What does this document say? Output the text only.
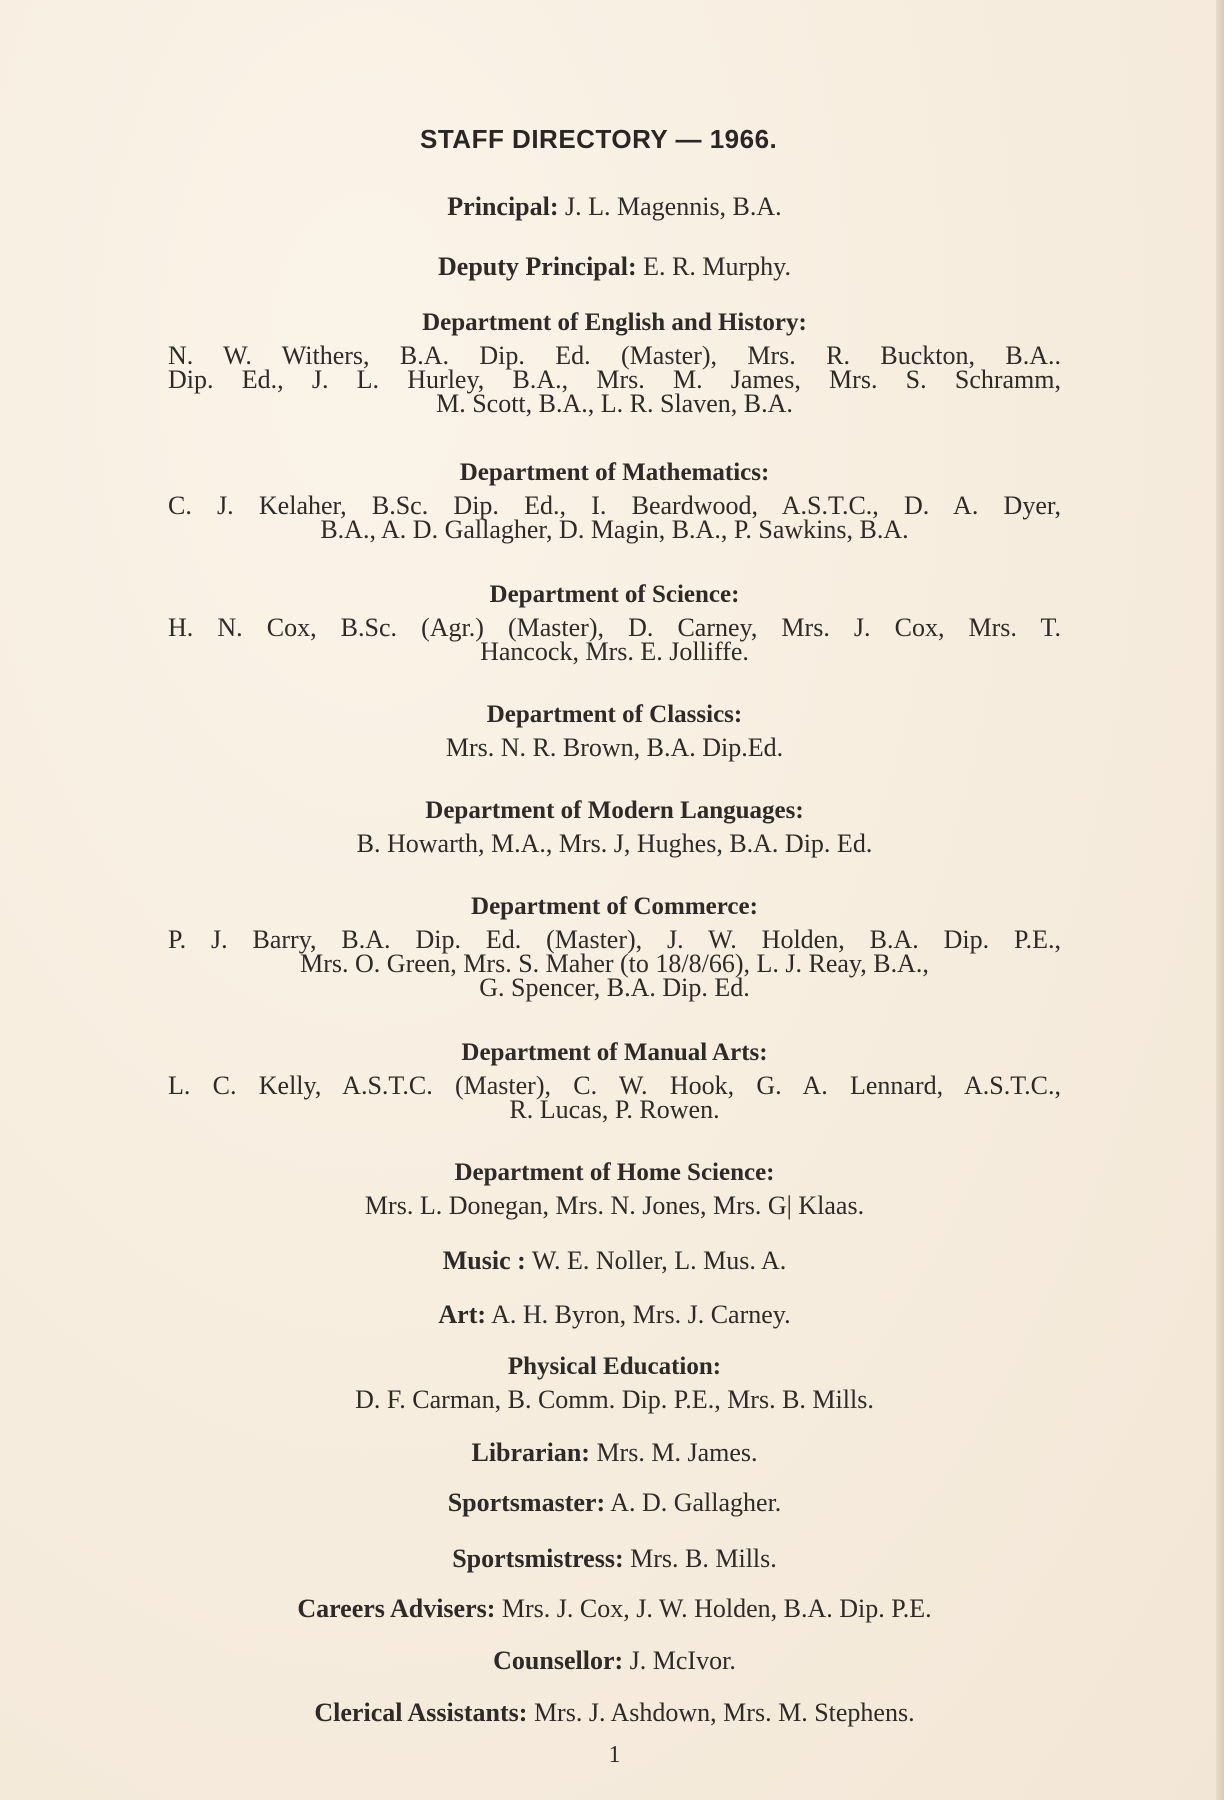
STAFF DIRECTORY — 1966.
Principal: J. L. Magennis, B.A.
Deputy Principal: E. R. Murphy.
Department of English and History:
N. W. Withers, B.A. Dip. Ed. (Master), Mrs. R. Buckton, B.A..
Dip. Ed., J. L. Hurley, B.A., Mrs. M. James, Mrs. S. Schramm,
M. Scott, B.A., L. R. Slaven, B.A.
Department of Mathematics:
C. J. Kelaher, B.Sc. Dip. Ed., I. Beardwood, A.S.T.C., D. A. Dyer,
B.A., A. D. Gallagher, D. Magin, B.A., P. Sawkins, B.A.
Department of Science:
H. N. Cox, B.Sc. (Agr.) (Master), D. Carney, Mrs. J. Cox, Mrs. T.
Hancock, Mrs. E. Jolliffe.
Department of Classics:
Mrs. N. R. Brown, B.A. Dip.Ed.
Department of Modern Languages:
B. Howarth, M.A., Mrs. J, Hughes, B.A. Dip. Ed.
Department of Commerce:
P. J. Barry, B.A. Dip. Ed. (Master), J. W. Holden, B.A. Dip. P.E.,
Mrs. O. Green, Mrs. S. Maher (to 18/8/66), L. J. Reay, B.A.,
G. Spencer, B.A. Dip. Ed.
Department of Manual Arts:
L. C. Kelly, A.S.T.C. (Master), C. W. Hook, G. A. Lennard, A.S.T.C.,
R. Lucas, P. Rowen.
Department of Home Science:
Mrs. L. Donegan, Mrs. N. Jones, Mrs. G| Klaas.
Music : W. E. Noller, L. Mus. A.
Art: A. H. Byron, Mrs. J. Carney.
Physical Education:
D. F. Carman, B. Comm. Dip. P.E., Mrs. B. Mills.
Librarian: Mrs. M. James.
Sportsmaster: A. D. Gallagher.
Sportsmistress: Mrs. B. Mills.
Careers Advisers: Mrs. J. Cox, J. W. Holden, B.A. Dip. P.E.
Counsellor: J. McIvor.
Clerical Assistants: Mrs. J. Ashdown, Mrs. M. Stephens.
1
